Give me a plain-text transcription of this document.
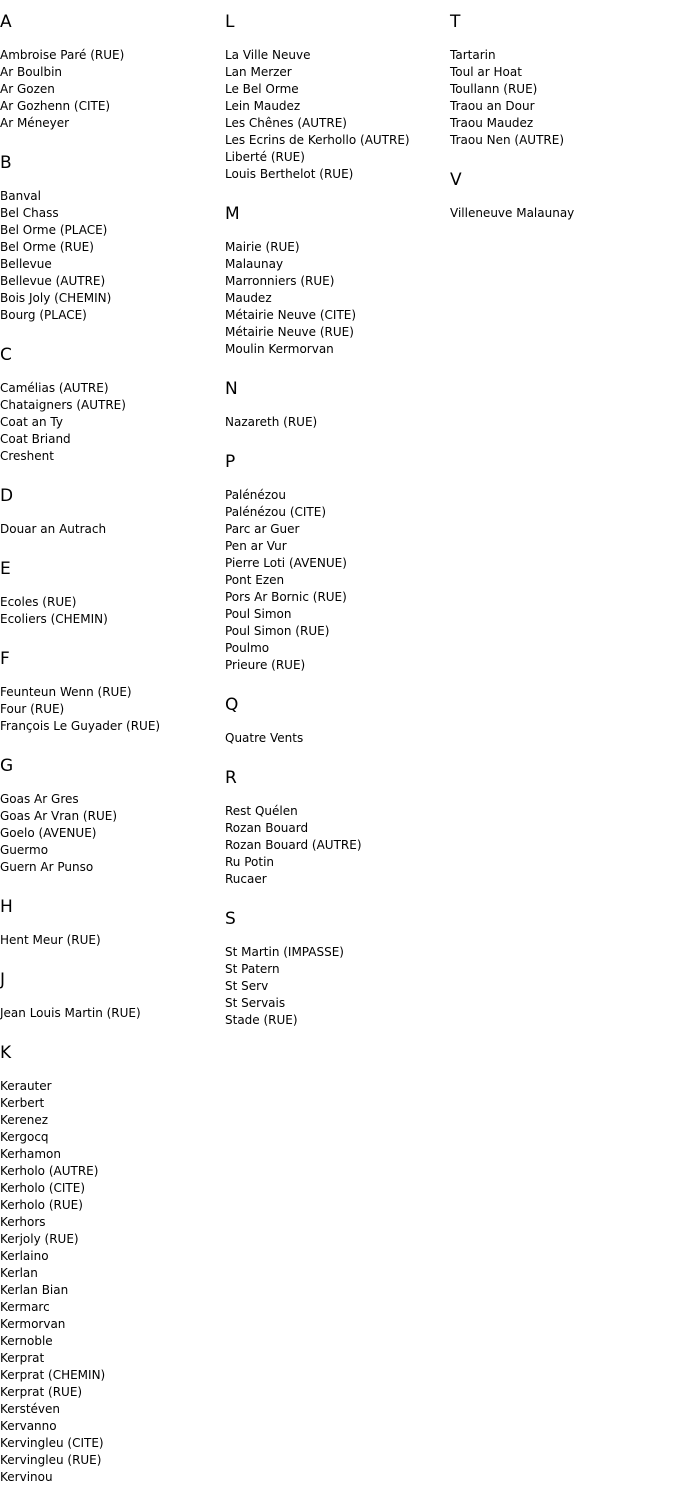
A
Ambroise Paré (RUE)
Ar Boulbin
Ar Gozen
Ar Gozhenn (CITE)
Ar Méneyer
B
Banval
Bel Chass
Bel Orme (PLACE)
Bel Orme (RUE)
Bellevue
Bellevue (AUTRE)
Bois Joly (CHEMIN)
Bourg (PLACE)
C
Camélias (AUTRE)
Chataigners (AUTRE)
Coat an Ty
Coat Briand
Creshent
D
Douar an Autrach
E
Ecoles (RUE)
Ecoliers (CHEMIN)
F
Feunteun Wenn (RUE)
Four (RUE)
François Le Guyader (RUE)
G
Goas Ar Gres
Goas Ar Vran (RUE)
Goelo (AVENUE)
Guermo
Guern Ar Punso
H
Hent Meur (RUE)
J
Jean Louis Martin (RUE)
K
Kerauter
Kerbert
Kerenez
Kergocq
Kerhamon
Kerholo (AUTRE)
Kerholo (CITE)
Kerholo (RUE)
Kerhors
Kerjoly (RUE)
Kerlaino
Kerlan
Kerlan Bian
Kermarc
Kermorvan
Kernoble
Kerprat
Kerprat (CHEMIN)
Kerprat (RUE)
Kerstéven
Kervanno
Kervingleu (CITE)
Kervingleu (RUE)
Kervinou
L
La Ville Neuve
Lan Merzer
Le Bel Orme
Lein Maudez
Les Chênes (AUTRE)
Les Ecrins de Kerhollo (AUTRE)
Liberté (RUE)
Louis Berthelot (RUE)
M
Mairie (RUE)
Malaunay
Marronniers (RUE)
Maudez
Métairie Neuve (CITE)
Métairie Neuve (RUE)
Moulin Kermorvan
N
Nazareth (RUE)
P
Palénézou
Palénézou (CITE)
Parc ar Guer
Pen ar Vur
Pierre Loti (AVENUE)
Pont Ezen
Pors Ar Bornic (RUE)
Poul Simon
Poul Simon (RUE)
Poulmo
Prieure (RUE)
Q
Quatre Vents
R
Rest Quélen
Rozan Bouard
Rozan Bouard (AUTRE)
Ru Potin
Rucaer
S
St Martin (IMPASSE)
St Patern
St Serv
St Servais
Stade (RUE)
T
Tartarin
Toul ar Hoat
Toullann (RUE)
Traou an Dour
Traou Maudez
Traou Nen (AUTRE)
V
Villeneuve Malaunay
